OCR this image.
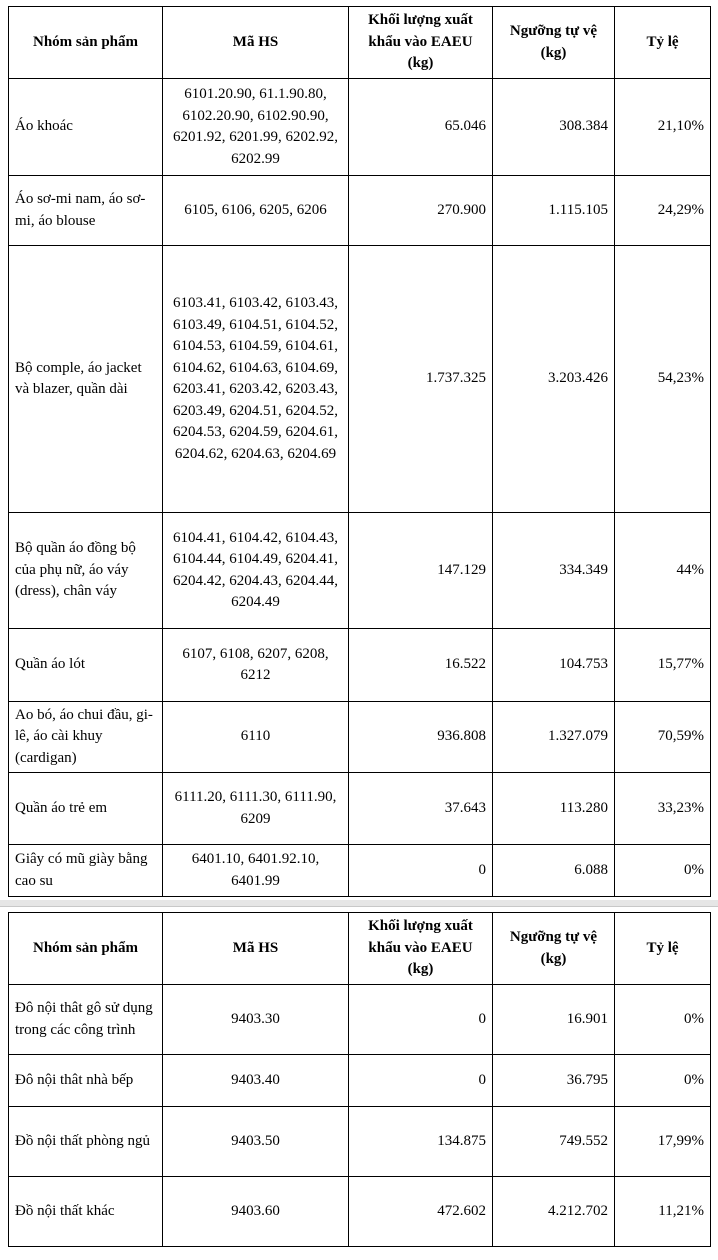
Nhóm sản phẩm	Mã HS	Khối lượng xuất khẩu vào EAEU (kg)	Ngưỡng tự vệ (kg)	Tỷ lệ
Áo khoác	6101.20.90, 61.1.90.80, 6102.20.90, 6102.90.90, 6201.92, 6201.99, 6202.92, 6202.99	65.046	308.384	21,10%
Áo sơ-mi nam, áo sơ-mi, áo blouse	6105, 6106, 6205, 6206	270.900	1.115.105	24,29%
Bộ comple, áo jacket và blazer, quần dài	6103.41, 6103.42, 6103.43, 6103.49, 6104.51, 6104.52, 6104.53, 6104.59, 6104.61, 6104.62, 6104.63, 6104.69, 6203.41, 6203.42, 6203.43, 6203.49, 6204.51, 6204.52, 6204.53, 6204.59, 6204.61, 6204.62, 6204.63, 6204.69	1.737.325	3.203.426	54,23%
Bộ quần áo đồng bộ của phụ nữ, áo váy (dress), chân váy	6104.41, 6104.42, 6104.43, 6104.44, 6104.49, 6204.41, 6204.42, 6204.43, 6204.44, 6204.49	147.129	334.349	44%
Quần áo lót	6107, 6108, 6207, 6208, 6212	16.522	104.753	15,77%
Ao bó, áo chui đầu, gi-lê, áo cài khuy (cardigan)	6110	936.808	1.327.079	70,59%
Quần áo trẻ em	6111.20, 6111.30, 6111.90, 6209	37.643	113.280	33,23%
Giây có mũ giày bằng cao su	6401.10, 6401.92.10, 6401.99	0	6.088	0%
Nhóm sản phẩm	Mã HS	Khối lượng xuất khẩu vào EAEU (kg)	Ngưỡng tự vệ (kg)	Tỷ lệ
Đô nội thât gô sử dụng trong các công trình	9403.30	0	16.901	0%
Đô nội thât nhà bếp	9403.40	0	36.795	0%
Đồ nội thất phòng ngủ	9403.50	134.875	749.552	17,99%
Đồ nội thất khác	9403.60	472.602	4.212.702	11,21%
